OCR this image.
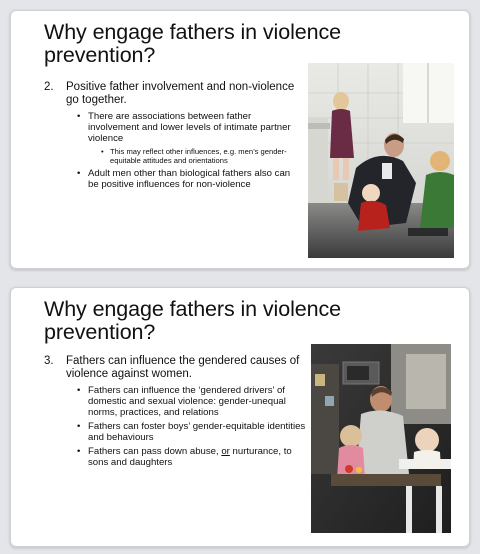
Why engage fathers in violence prevention?
2. Positive father involvement and non-violence go together.
• There are associations between father involvement and lower levels of intimate partner violence
• This may reflect other influences, e.g. men’s gender-equitable attitudes and orientations
• Adult men other than biological fathers also can be positive influences for non-violence
Why engage fathers in violence prevention?
3. Fathers can influence the gendered causes of violence against women.
• Fathers can influence the ‘gendered drivers’ of domestic and sexual violence: gender-unequal norms, practices, and relations
• Fathers can foster boys’ gender-equitable identities and behaviours
• Fathers can pass down abuse, or nurturance, to sons and daughters
